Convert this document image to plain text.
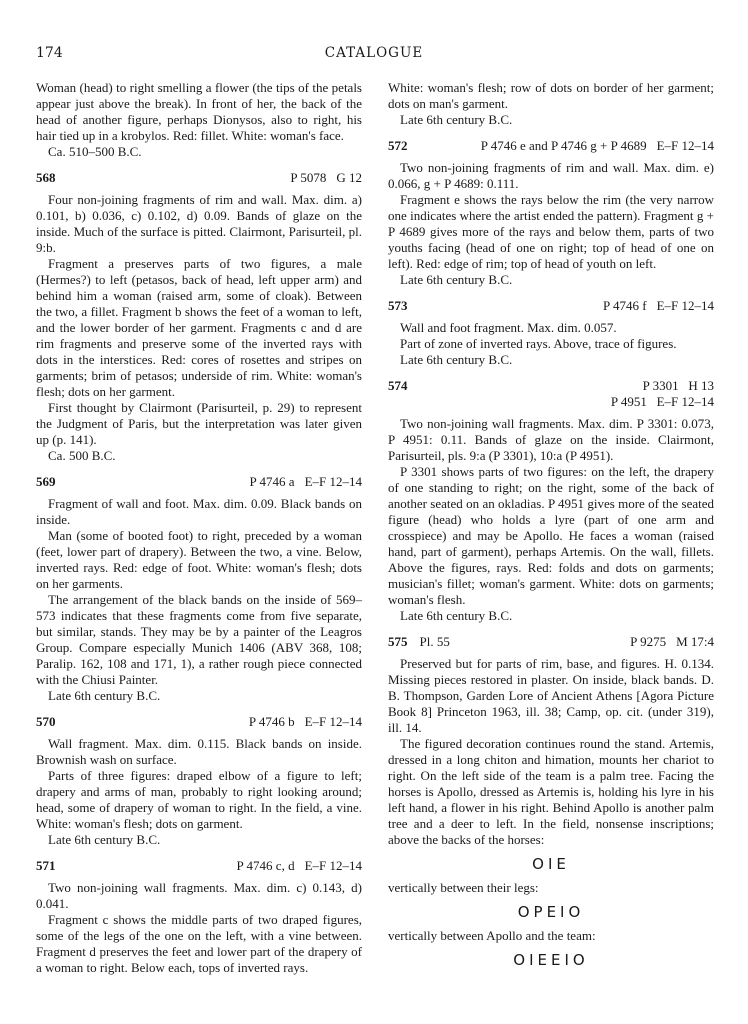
174	CATALOGUE

Woman (head) to right smelling a flower (the tips of the petals appear just above the break). In front of her, the back of the head of another figure, perhaps Dionysos, also to right, his hair tied up in a krobylos. Red: fillet. White: woman's face.

Ca. 510–500 B.C.
568	P 5078 G 12

Four non-joining fragments of rim and wall. Max. dim. a) 0.101, b) 0.036, c) 0.102, d) 0.09. Bands of glaze on the inside. Much of the surface is pitted. Clairmont, Parisurteil, pl. 9:b.

Fragment a preserves parts of two figures, a male (Hermes?) to left (petasos, back of head, left upper arm) and behind him a woman (raised arm, some of cloak). Between the two, a fillet. Fragment b shows the feet of a woman to left, and the lower border of her garment. Fragments c and d are rim fragments and preserve some of the inverted rays with dots in the interstices. Red: cores of rosettes and stripes on garments; brim of petasos; underside of rim. White: woman's flesh; dots on her garment.

First thought by Clairmont (Parisurteil, p. 29) to represent the Judgment of Paris, but the interpretation was later given up (p. 141).

Ca. 500 B.C.
569	P 4746 a E–F 12–14

Fragment of wall and foot. Max. dim. 0.09. Black bands on inside.

Man (some of booted foot) to right, preceded by a woman (feet, lower part of drapery). Between the two, a vine. Below, inverted rays. Red: edge of foot. White: woman's flesh; dots on her garments.

The arrangement of the black bands on the inside of 569–573 indicates that these fragments come from five separate, but similar, stands. They may be by a painter of the Leagros Group. Compare especially Munich 1406 (ABV 368, 108; Paralip. 162, 108 and 171, 1), a rather rough piece connected with the Chiusi Painter.

Late 6th century B.C.
570	P 4746 b E–F 12–14

Wall fragment. Max. dim. 0.115. Black bands on inside. Brownish wash on surface.

Parts of three figures: draped elbow of a figure to left; drapery and arms of man, probably to right looking around; head, some of drapery of woman to right. In the field, a vine. White: woman's flesh; dots on garment.

Late 6th century B.C.
571	P 4746 c, d E–F 12–14

Two non-joining wall fragments. Max. dim. c) 0.143, d) 0.041.

Fragment c shows the middle parts of two draped figures, some of the legs of the one on the left, with a vine between. Fragment d preserves the feet and lower part of the drapery of a woman to right. Below each, tops of inverted rays.

White: woman's flesh; row of dots on border of her garment; dots on man's garment.

Late 6th century B.C.
572	P 4746 e and P 4746 g + P 4689 E–F 12–14

Two non-joining fragments of rim and wall. Max. dim. e) 0.066, g + P 4689: 0.111.

Fragment e shows the rays below the rim (the very narrow one indicates where the artist ended the pattern). Fragment g + P 4689 gives more of the rays and below them, parts of two youths facing (head of one on right; top of head of one on left). Red: edge of rim; top of head of youth on left.

Late 6th century B.C.
573	P 4746 f E–F 12–14

Wall and foot fragment. Max. dim. 0.057.

Part of zone of inverted rays. Above, trace of figures.

Late 6th century B.C.
574	P 3301 H 13
P 4951 E–F 12–14

Two non-joining wall fragments. Max. dim. P 3301: 0.073, P 4951: 0.11. Bands of glaze on the inside. Clairmont, Parisurteil, pls. 9:a (P 3301), 10:a (P 4951).

P 3301 shows parts of two figures: on the left, the drapery of one standing to right; on the right, some of the back of another seated on an okladias. P 4951 gives more of the seated figure (head) who holds a lyre (part of one arm and crosspiece) and may be Apollo. He faces a woman (raised hand, part of garment), perhaps Artemis. On the wall, fillets. Above the figures, rays. Red: folds and dots on garments; musician's fillet; woman's garment. White: dots on garments; woman's flesh.

Late 6th century B.C.
575 Pl. 55	P 9275 M 17:4

Preserved but for parts of rim, base, and figures. H. 0.134. Missing pieces restored in plaster. On inside, black bands. D. B. Thompson, Garden Lore of Ancient Athens [Agora Picture Book 8] Princeton 1963, ill. 38; Camp, op. cit. (under 319), ill. 14.

The figured decoration continues round the stand. Artemis, dressed in a long chiton and himation, mounts her chariot to right. On the left side of the team is a palm tree. Facing the horses is Apollo, dressed as Artemis is, holding his lyre in his left hand, a flower in his right. Behind Apollo is another palm tree and a deer to left. In the field, nonsense inscriptions; above the backs of the horses:

OIE

vertically between their legs:

OPEIO

vertically between Apollo and the team:

OIEEIO
